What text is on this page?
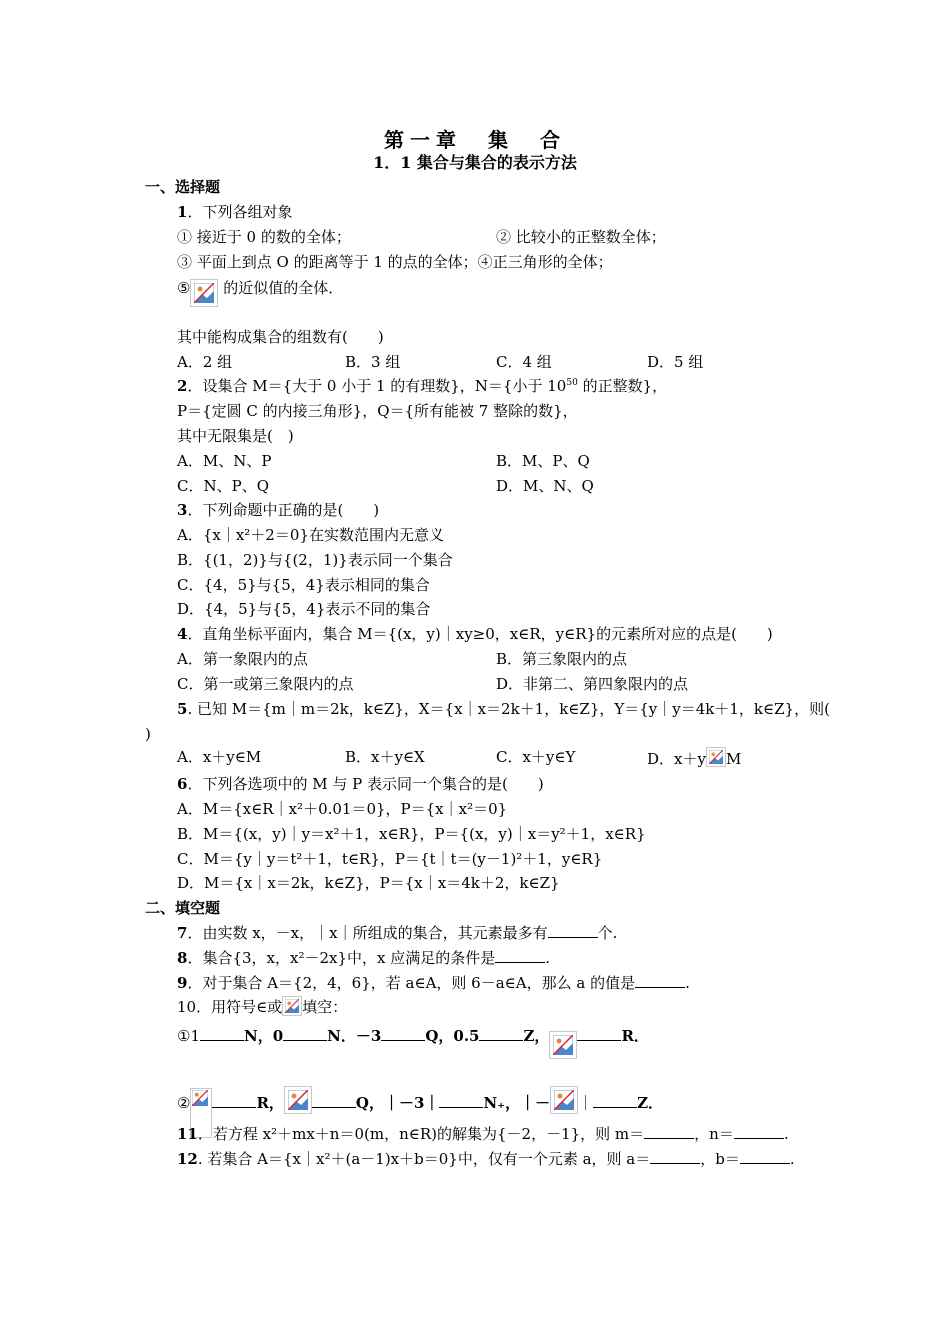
第一章　集　合
1．1 集合与集合的表示方法
一、选择题
1．下列各组对象
① 接近于 0 的数的全体；	② 比较小的正整数全体；
③ 平面上到点 O 的距离等于 1 的点的全体；④正三角形的全体；
⑤ 的近似值的全体．
其中能构成集合的组数有(　　)
A．2 组	B．3 组	C．4 组	D．5 组
2．设集合 M＝{大于 0 小于 1 的有理数}，N＝{小于 $10^{50}$ 的正整数}，
P＝{定圆 C 的内接三角形}，Q＝{所有能被 7 整除的数}，
其中无限集是(　)
A．M、N、P	B．M、P、Q
C．N、P、Q	D．M、N、Q
3．下列命题中正确的是(　　)
A．{x｜x²＋2＝0}在实数范围内无意义
B．{(1，2)}与{(2，1)}表示同一个集合
C．{4，5}与{5，4}表示相同的集合
D．{4，5}与{5，4}表示不同的集合
4．直角坐标平面内，集合 M＝{(x，y)｜xy≥0，x∈R，y∈R}的元素所对应的点是(　　)
A．第一象限内的点	B．第三象限内的点
C．第一或第三象限内的点	D．非第二、第四象限内的点
5. 已知 M＝{m｜m＝2k，k∈Z}，X＝{x｜x＝2k＋1，k∈Z}，Y＝{y｜y＝4k＋1，k∈Z}，则(
)
A．x＋y∈M	B．x＋y∈X	C．x＋y∈Y	D．x＋y M
6．下列各选项中的 M 与 P 表示同一个集合的是(　　)
A．M＝{x∈R｜x²＋0.01＝0}，P＝{x｜x²＝0}
B．M＝{(x，y)｜y＝x²＋1，x∈R}，P＝{(x，y)｜x＝y²＋1，x∈R}
C．M＝{y｜y＝t²＋1，t∈R}，P＝{t｜t＝(y－1)²＋1，y∈R}
D．M＝{x｜x＝2k，k∈Z}，P＝{x｜x＝4k＋2，k∈Z}
二、填空题
7．由实数 x，－x，｜x｜所组成的集合，其元素最多有	个.
8．集合{3，x，x²－2x}中，x 应满足的条件是	.
9．对于集合 A＝{2，4，6}，若 a∈A，则 6－a∈A，那么 a 的值是	.
10．用符号∈或 填空：
①1	N，0	N．－3	Q，0.5	Z，	R．
②	R，	Q，｜－3｜	N₊，｜－ ｜	Z．
11．若方程 x²＋mx＋n＝0(m，n∈R)的解集为{－2，－1}，则 m＝	，n＝	.
12. 若集合 A＝{x｜x²＋(a－1)x＋b＝0}中，仅有一个元素 a，则 a＝	，b＝	.
